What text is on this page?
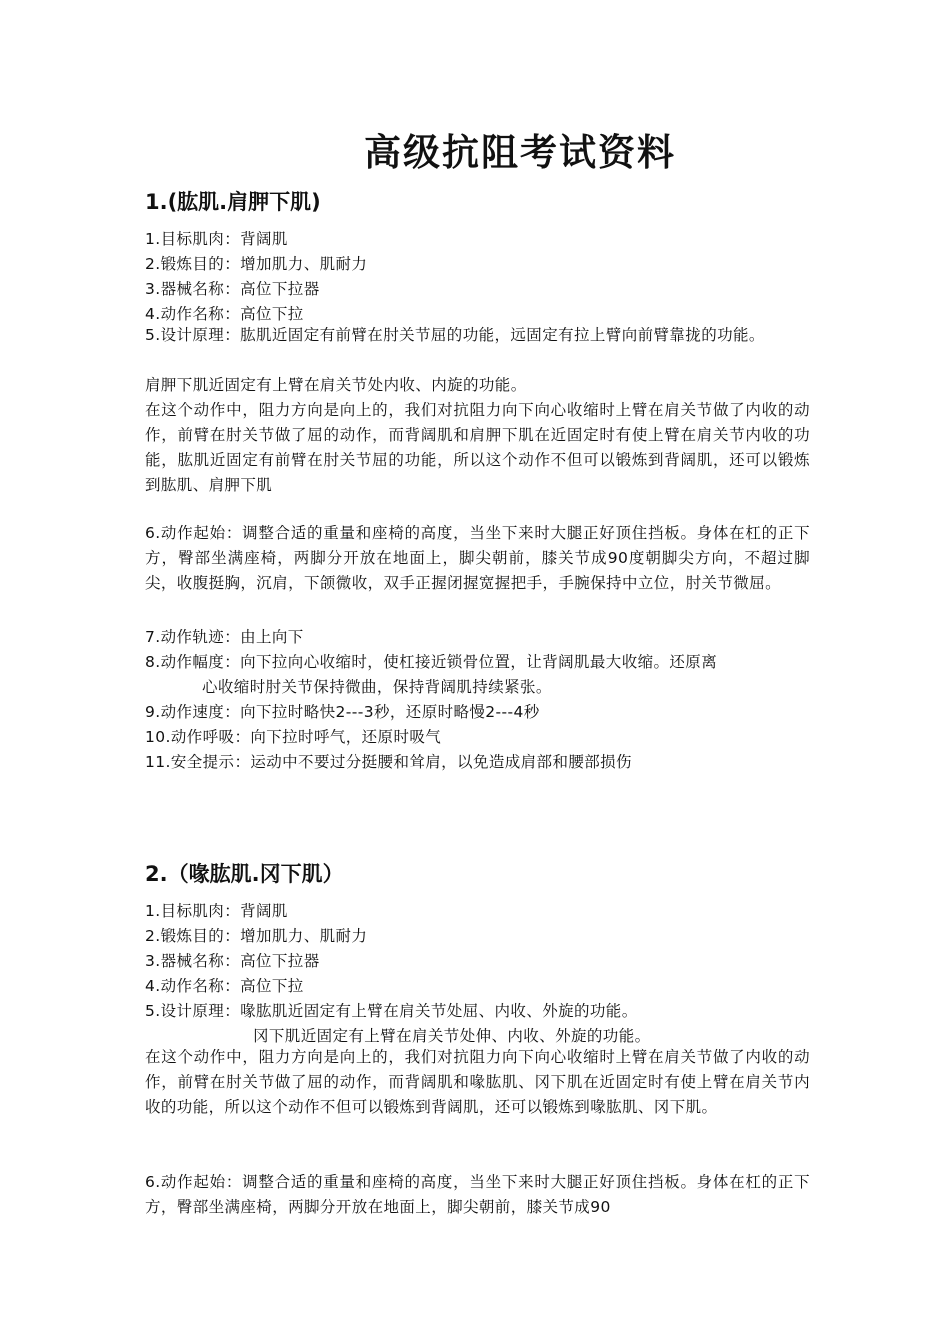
高级抗阻考试资料
1.(肱肌.肩胛下肌)
1.目标肌肉：背阔肌
2.锻炼目的：增加肌力、肌耐力
3.器械名称：高位下拉器
4.动作名称：高位下拉
5.设计原理：肱肌近固定有前臂在肘关节屈的功能，远固定有拉上臂向前臂靠拢的功能。
肩胛下肌近固定有上臂在肩关节处内收、内旋的功能。
在这个动作中，阻力方向是向上的，我们对抗阻力向下向心收缩时上臂在肩关节做了内收的动作，前臂在肘关节做了屈的动作，而背阔肌和肩胛下肌在近固定时有使上臂在肩关节内收的功能，肱肌近固定有前臂在肘关节屈的功能，所以这个动作不但可以锻炼到背阔肌，还可以锻炼到肱肌、肩胛下肌
6.动作起始：调整合适的重量和座椅的高度，当坐下来时大腿正好顶住挡板。身体在杠的正下方，臀部坐满座椅，两脚分开放在地面上，脚尖朝前，膝关节成90度朝脚尖方向，不超过脚尖，收腹挺胸，沉肩，下颌微收，双手正握闭握宽握把手，手腕保持中立位，肘关节微屈。
7.动作轨迹：由上向下
8.动作幅度：向下拉向心收缩时，使杠接近锁骨位置，让背阔肌最大收缩。还原离
心收缩时肘关节保持微曲，保持背阔肌持续紧张。
9.动作速度：向下拉时略快2---3秒，还原时略慢2---4秒
10.动作呼吸：向下拉时呼气，还原时吸气
11.安全提示：运动中不要过分挺腰和耸肩，以免造成肩部和腰部损伤
2.（喙肱肌.冈下肌）
1.目标肌肉：背阔肌
2.锻炼目的：增加肌力、肌耐力
3.器械名称：高位下拉器
4.动作名称：高位下拉
5.设计原理：喙肱肌近固定有上臂在肩关节处屈、内收、外旋的功能。
冈下肌近固定有上臂在肩关节处伸、内收、外旋的功能。
在这个动作中，阻力方向是向上的，我们对抗阻力向下向心收缩时上臂在肩关节做了内收的动作，前臂在肘关节做了屈的动作，而背阔肌和喙肱肌、冈下肌在近固定时有使上臂在肩关节内收的功能，所以这个动作不但可以锻炼到背阔肌，还可以锻炼到喙肱肌、冈下肌。
6.动作起始：调整合适的重量和座椅的高度，当坐下来时大腿正好顶住挡板。身体在杠的正下方，臀部坐满座椅，两脚分开放在地面上，脚尖朝前，膝关节成90
